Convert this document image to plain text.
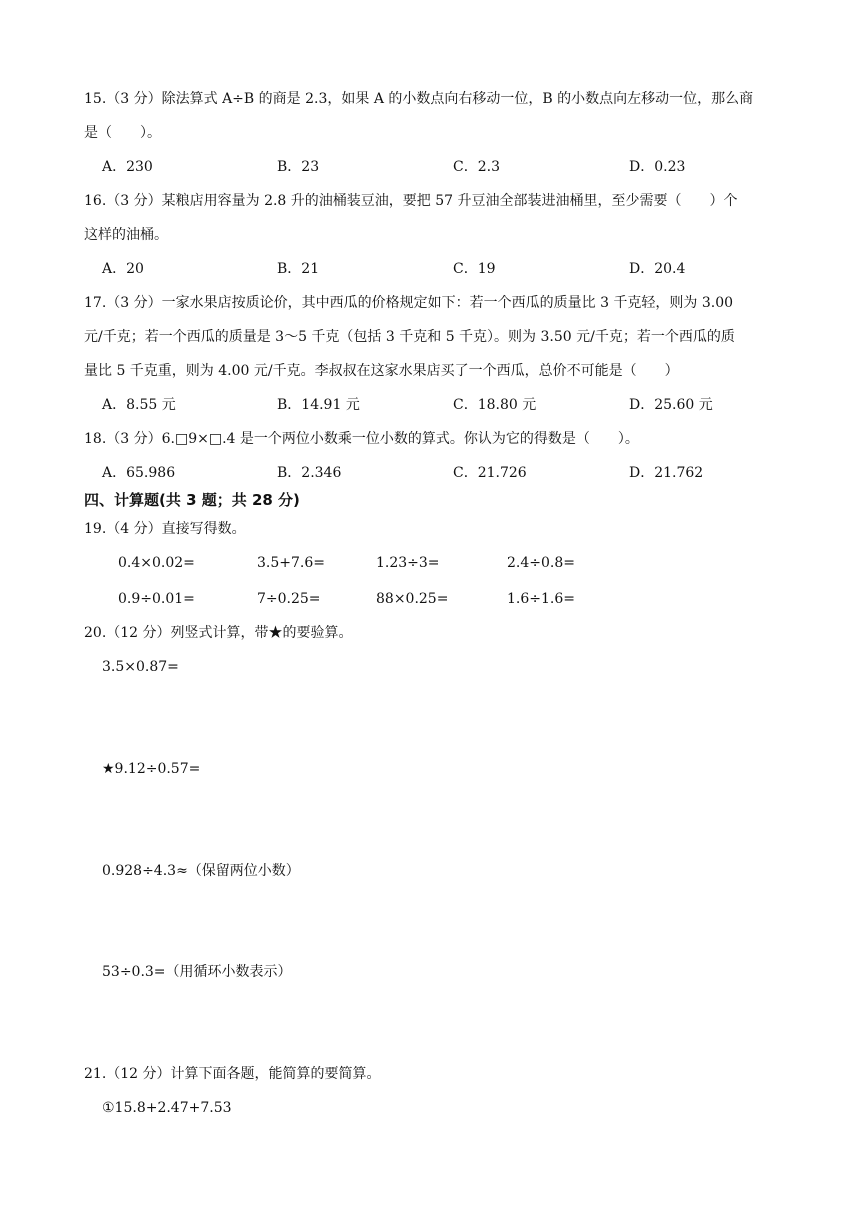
15.（3 分）除法算式 A÷B 的商是 2.3，如果 A 的小数点向右移动一位，B 的小数点向左移动一位，那么商
是（　　）。
A．230	B．23	C．2.3	D．0.23
16.（3 分）某粮店用容量为 2.8 升的油桶装豆油，要把 57 升豆油全部装进油桶里，至少需要（　　）个
这样的油桶。
A．20	B．21	C．19	D．20.4
17.（3 分）一家水果店按质论价，其中西瓜的价格规定如下：若一个西瓜的质量比 3 千克轻，则为 3.00
元/千克；若一个西瓜的质量是 3～5 千克（包括 3 千克和 5 千克）。则为 3.50 元/千克；若一个西瓜的质
量比 5 千克重，则为 4.00 元/千克。李叔叔在这家水果店买了一个西瓜，总价不可能是（　　）
A．8.55 元	B．14.91 元	C．18.80 元	D．25.60 元
18.（3 分）6.□9×□.4 是一个两位小数乘一位小数的算式。你认为它的得数是（　　）。
A．65.986	B．2.346	C．21.726	D．21.762
四、计算题(共 3 题；共 28 分)
19.（4 分）直接写得数。
0.4×0.02=	3.5+7.6=	1.23÷3=	2.4÷0.8=
0.9÷0.01=	7÷0.25=	88×0.25=	1.6÷1.6=
20.（12 分）列竖式计算，带★的要验算。
3.5×0.87=
★9.12÷0.57=
0.928÷4.3≈（保留两位小数）
53÷0.3=（用循环小数表示）
21.（12 分）计算下面各题，能简算的要简算。
①15.8+2.47+7.53
